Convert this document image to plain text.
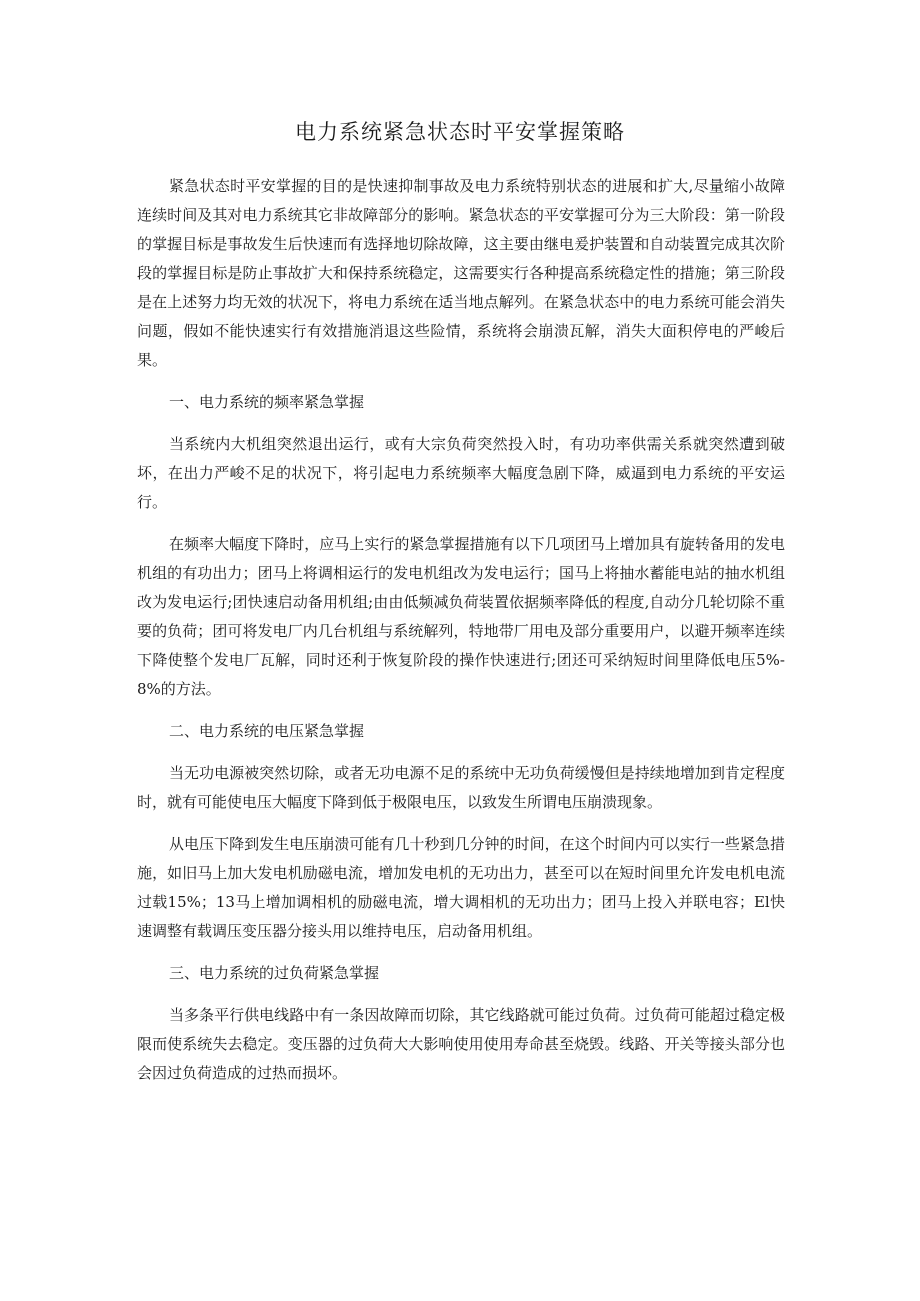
电力系统紧急状态时平安掌握策略

紧急状态时平安掌握的目的是快速抑制事故及电力系统特别状态的进展和扩大,尽量缩小故障连续时间及其对电力系统其它非故障部分的影响。紧急状态的平安掌握可分为三大阶段：第一阶段的掌握目标是事故发生后快速而有选择地切除故障，这主要由继电爰护装置和自动装置完成其次阶段的掌握目标是防止事故扩大和保持系统稳定，这需要实行各种提高系统稳定性的措施；第三阶段是在上述努力均无效的状况下，将电力系统在适当地点解列。在紧急状态中的电力系统可能会消失问题，假如不能快速实行有效措施消退这些险情，系统将会崩溃瓦解，消失大面积停电的严峻后果。

一、电力系统的频率紧急掌握

当系统内大机组突然退出运行，或有大宗负荷突然投入时，有功功率供需关系就突然遭到破坏，在出力严峻不足的状况下，将引起电力系统频率大幅度急剧下降，威逼到电力系统的平安运行。

在频率大幅度下降时，应马上实行的紧急掌握措施有以下几项团马上增加具有旋转备用的发电机组的有功出力；团马上将调相运行的发电机组改为发电运行；国马上将抽水蓄能电站的抽水机组改为发电运行;团快速启动备用机组;由由低频减负荷装置依据频率降低的程度,自动分几轮切除不重要的负荷；团可将发电厂内几台机组与系统解列，特地带厂用电及部分重要用户，以避开频率连续下降使整个发电厂瓦解，同时还利于恢复阶段的操作快速进行;团还可采纳短时间里降低电压5%-8%的方法。

二、电力系统的电压紧急掌握

当无功电源被突然切除，或者无功电源不足的系统中无功负荷缓慢但是持续地增加到肯定程度时，就有可能使电压大幅度下降到低于极限电压，以致发生所谓电压崩溃现象。

从电压下降到发生电压崩溃可能有几十秒到几分钟的时间，在这个时间内可以实行一些紧急措施，如旧马上加大发电机励磁电流，增加发电机的无功出力，甚至可以在短时间里允许发电机电流过载15%；13马上增加调相机的励磁电流，增大调相机的无功出力；团马上投入并联电容；El快速调整有载调压变压器分接头用以维持电压，启动备用机组。

三、电力系统的过负荷紧急掌握

当多条平行供电线路中有一条因故障而切除，其它线路就可能过负荷。过负荷可能超过稳定极限而使系统失去稳定。变压器的过负荷大大影响使用使用寿命甚至烧毁。线路、开关等接头部分也会因过负荷造成的过热而损坏。
